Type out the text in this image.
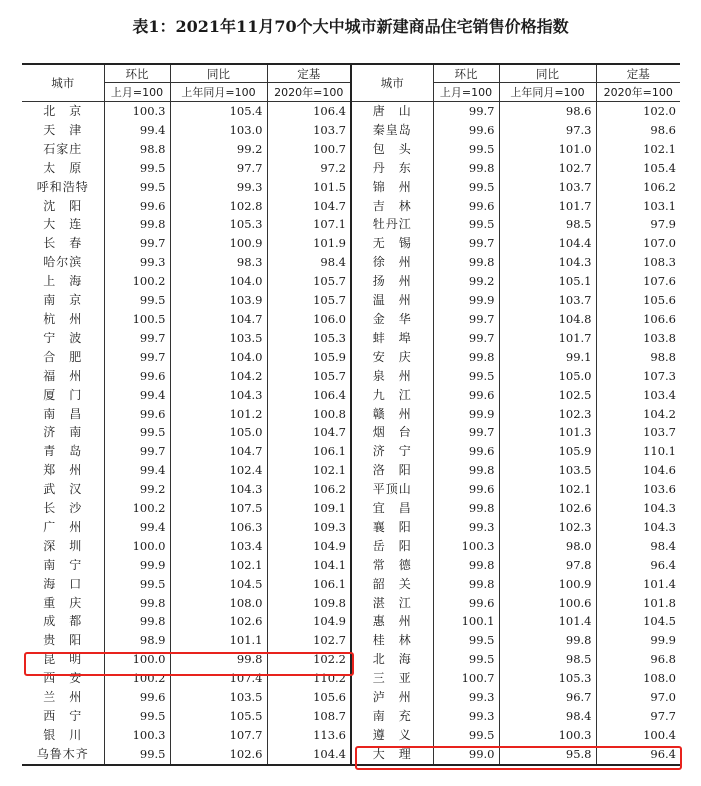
表1：2021年11月70个大中城市新建商品住宅销售价格指数
城市	环比	同比	定基	城市	环比	同比	定基
	上月=100	上年同月=100	2020年=100		上月=100	上年同月=100	2020年=100
北　京	100.3	105.4	106.4	唐　山	99.7	98.6	102.0
天　津	99.4	103.0	103.7	秦皇岛	99.6	97.3	98.6
石家庄	98.8	99.2	100.7	包　头	99.5	101.0	102.1
太　原	99.5	97.7	97.2	丹　东	99.8	102.7	105.4
呼和浩特	99.5	99.3	101.5	锦　州	99.5	103.7	106.2
沈　阳	99.6	102.8	104.7	吉　林	99.6	101.7	103.1
大　连	99.8	105.3	107.1	牡丹江	99.5	98.5	97.9
长　春	99.7	100.9	101.9	无　锡	99.7	104.4	107.0
哈尔滨	99.3	98.3	98.4	徐　州	99.8	104.3	108.3
上　海	100.2	104.0	105.7	扬　州	99.2	105.1	107.6
南　京	99.5	103.9	105.7	温　州	99.9	103.7	105.6
杭　州	100.5	104.7	106.0	金　华	99.7	104.8	106.6
宁　波	99.7	103.5	105.3	蚌　埠	99.7	101.7	103.8
合　肥	99.7	104.0	105.9	安　庆	99.8	99.1	98.8
福　州	99.6	104.2	105.7	泉　州	99.5	105.0	107.3
厦　门	99.4	104.3	106.4	九　江	99.6	102.5	103.4
南　昌	99.6	101.2	100.8	赣　州	99.9	102.3	104.2
济　南	99.5	105.0	104.7	烟　台	99.7	101.3	103.7
青　岛	99.7	104.7	106.1	济　宁	99.6	105.9	110.1
郑　州	99.4	102.4	102.1	洛　阳	99.8	103.5	104.6
武　汉	99.2	104.3	106.2	平顶山	99.6	102.1	103.6
长　沙	100.2	107.5	109.1	宜　昌	99.8	102.6	104.3
广　州	99.4	106.3	109.3	襄　阳	99.3	102.3	104.3
深　圳	100.0	103.4	104.9	岳　阳	100.3	98.0	98.4
南　宁	99.9	102.1	104.1	常　德	99.8	97.8	96.4
海　口	99.5	104.5	106.1	韶　关	99.8	100.9	101.4
重　庆	99.8	108.0	109.8	湛　江	99.6	100.6	101.8
成　都	99.8	102.6	104.9	惠　州	100.1	101.4	104.5
贵　阳	98.9	101.1	102.7	桂　林	99.5	99.8	99.9
昆　明	100.0	99.8	102.2	北　海	99.5	98.5	96.8
西　安	100.2	107.4	110.2	三　亚	100.7	105.3	108.0
兰　州	99.6	103.5	105.6	泸　州	99.3	96.7	97.0
西　宁	99.5	105.5	108.7	南　充	99.3	98.4	97.7
银　川	100.3	107.7	113.6	遵　义	99.5	100.3	100.4
乌鲁木齐	99.5	102.6	104.4	大　理	99.0	95.8	96.4
